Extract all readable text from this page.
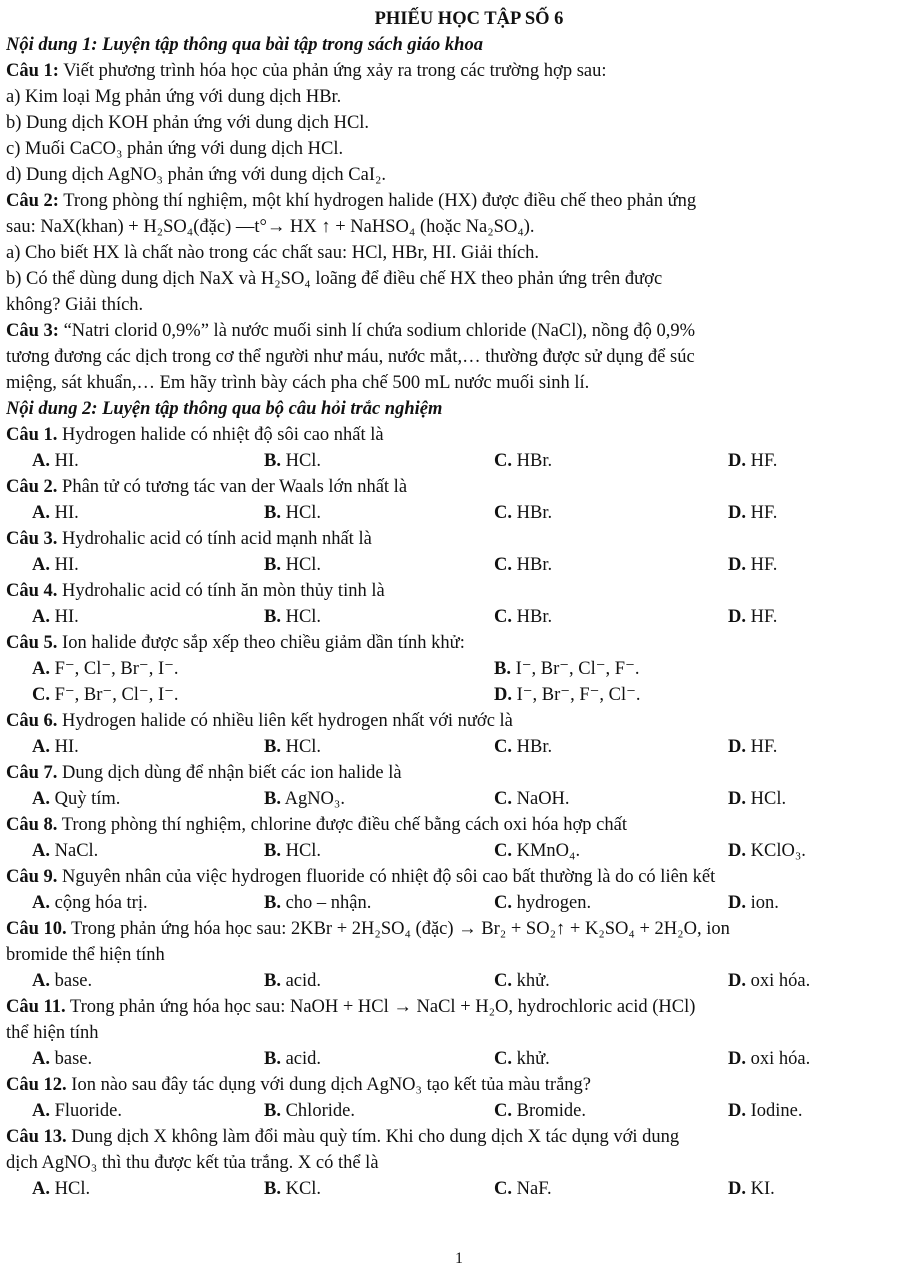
PHIẾU HỌC TẬP SỐ 6
Nội dung 1: Luyện tập thông qua bài tập trong sách giáo khoa
Câu 1: Viết phương trình hóa học của phản ứng xảy ra trong các trường hợp sau:
a) Kim loại Mg phản ứng với dung dịch HBr.
b) Dung dịch KOH phản ứng với dung dịch HCl.
c) Muối CaCO₃ phản ứng với dung dịch HCl.
d) Dung dịch AgNO₃ phản ứng với dung dịch CaI₂.
Câu 2: Trong phòng thí nghiệm, một khí hydrogen halide (HX) được điều chế theo phản ứng
sau: NaX(khan) + H₂SO₄(đặc) —t°→ HX ↑ + NaHSO₄ (hoặc Na₂SO₄).
a) Cho biết HX là chất nào trong các chất sau: HCl, HBr, HI. Giải thích.
b) Có thể dùng dung dịch NaX và H₂SO₄ loãng để điều chế HX theo phản ứng trên được
không? Giải thích.
Câu 3: “Natri clorid 0,9%” là nước muối sinh lí chứa sodium chloride (NaCl), nồng độ 0,9%
tương đương các dịch trong cơ thể người như máu, nước mắt,… thường được sử dụng để súc
miệng, sát khuẩn,… Em hãy trình bày cách pha chế 500 mL nước muối sinh lí.
Nội dung 2: Luyện tập thông qua bộ câu hỏi trắc nghiệm
Câu 1. Hydrogen halide có nhiệt độ sôi cao nhất là
A. HI.	B. HCl.	C. HBr.	D. HF.
Câu 2. Phân tử có tương tác van der Waals lớn nhất là
A. HI.	B. HCl.	C. HBr.	D. HF.
Câu 3. Hydrohalic acid có tính acid mạnh nhất là
A. HI.	B. HCl.	C. HBr.	D. HF.
Câu 4. Hydrohalic acid có tính ăn mòn thủy tinh là
A. HI.	B. HCl.	C. HBr.	D. HF.
Câu 5. Ion halide được sắp xếp theo chiều giảm dần tính khử:
A. F⁻, Cl⁻, Br⁻, I⁻.	B. I⁻, Br⁻, Cl⁻, F⁻.
C. F⁻, Br⁻, Cl⁻, I⁻.	D. I⁻, Br⁻, F⁻, Cl⁻.
Câu 6. Hydrogen halide có nhiều liên kết hydrogen nhất với nước là
A. HI.	B. HCl.	C. HBr.	D. HF.
Câu 7. Dung dịch dùng để nhận biết các ion halide là
A. Quỳ tím.	B. AgNO₃.	C. NaOH.	D. HCl.
Câu 8. Trong phòng thí nghiệm, chlorine được điều chế bằng cách oxi hóa hợp chất
A. NaCl.	B. HCl.	C. KMnO₄.	D. KClO₃.
Câu 9. Nguyên nhân của việc hydrogen fluoride có nhiệt độ sôi cao bất thường là do có liên kết
A. cộng hóa trị.	B. cho – nhận.	C. hydrogen.	D. ion.
Câu 10. Trong phản ứng hóa học sau: 2KBr + 2H₂SO₄ (đặc) → Br₂ + SO₂↑ + K₂SO₄ + 2H₂O, ion
bromide thể hiện tính
A. base.	B. acid.	C. khử.	D. oxi hóa.
Câu 11. Trong phản ứng hóa học sau: NaOH + HCl → NaCl + H₂O, hydrochloric acid (HCl)
thể hiện tính
A. base.	B. acid.	C. khử.	D. oxi hóa.
Câu 12. Ion nào sau đây tác dụng với dung dịch AgNO₃ tạo kết tủa màu trắng?
A. Fluoride.	B. Chloride.	C. Bromide.	D. Iodine.
Câu 13. Dung dịch X không làm đổi màu quỳ tím. Khi cho dung dịch X tác dụng với dung
dịch AgNO₃ thì thu được kết tủa trắng. X có thể là
A. HCl.	B. KCl.	C. NaF.	D. KI.
1
